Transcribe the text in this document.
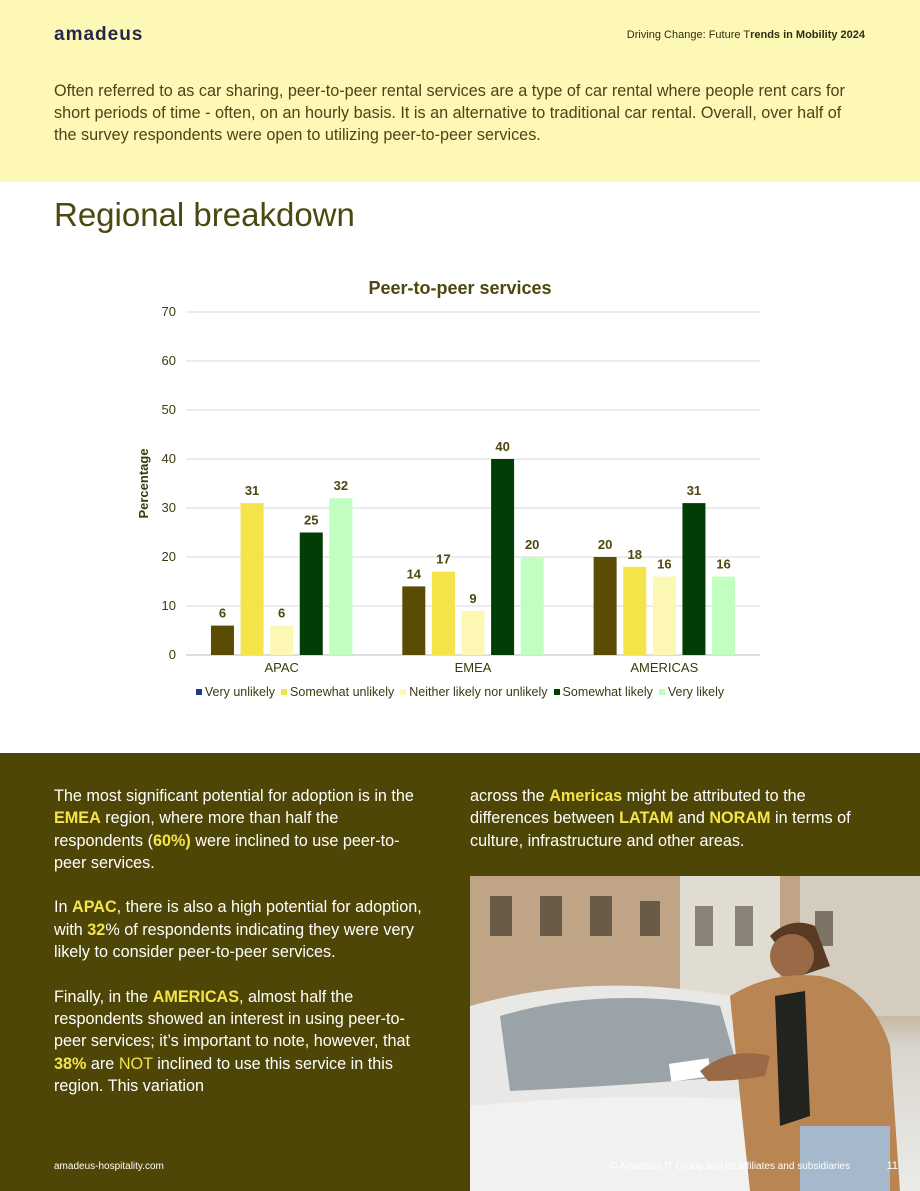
amadeus	Driving Change: Future Trends in Mobility 2024
Often referred to as car sharing, peer-to-peer rental services are a type of car rental where people rent cars for short periods of time - often, on an hourly basis. It is an alternative to traditional car rental. Overall, over half of the survey respondents were open to utilizing peer-to-peer services.
Regional breakdown
Peer-to-peer services
0
10
20
30
40
50
60
70
Percentage
6
31
6
25
32
APAC
14
17
9
40
20
EMEA
20
18
16
31
16
AMERICAS
Very unlikely Somewhat unlikely Neither likely nor unlikely Somewhat likely Very likely

The most significant potential for adoption is in the EMEA region, where more than half the respondents (60%) were inclined to use peer-to-peer services.

In APAC, there is also a high potential for adoption, with 32% of respondents indicating they were very likely to consider peer-to-peer services.

Finally, in the AMERICAS, almost half the respondents showed an interest in using peer-to-peer services; it’s important to note, however, that 38% are NOT inclined to use this service in this region. This variation

across the Americas might be attributed to the differences between LATAM and NORAM in terms of culture, infrastructure and other areas.

amadeus-hospitality.com	© Amadeus IT Group and its affiliates and subsidiaries	11
